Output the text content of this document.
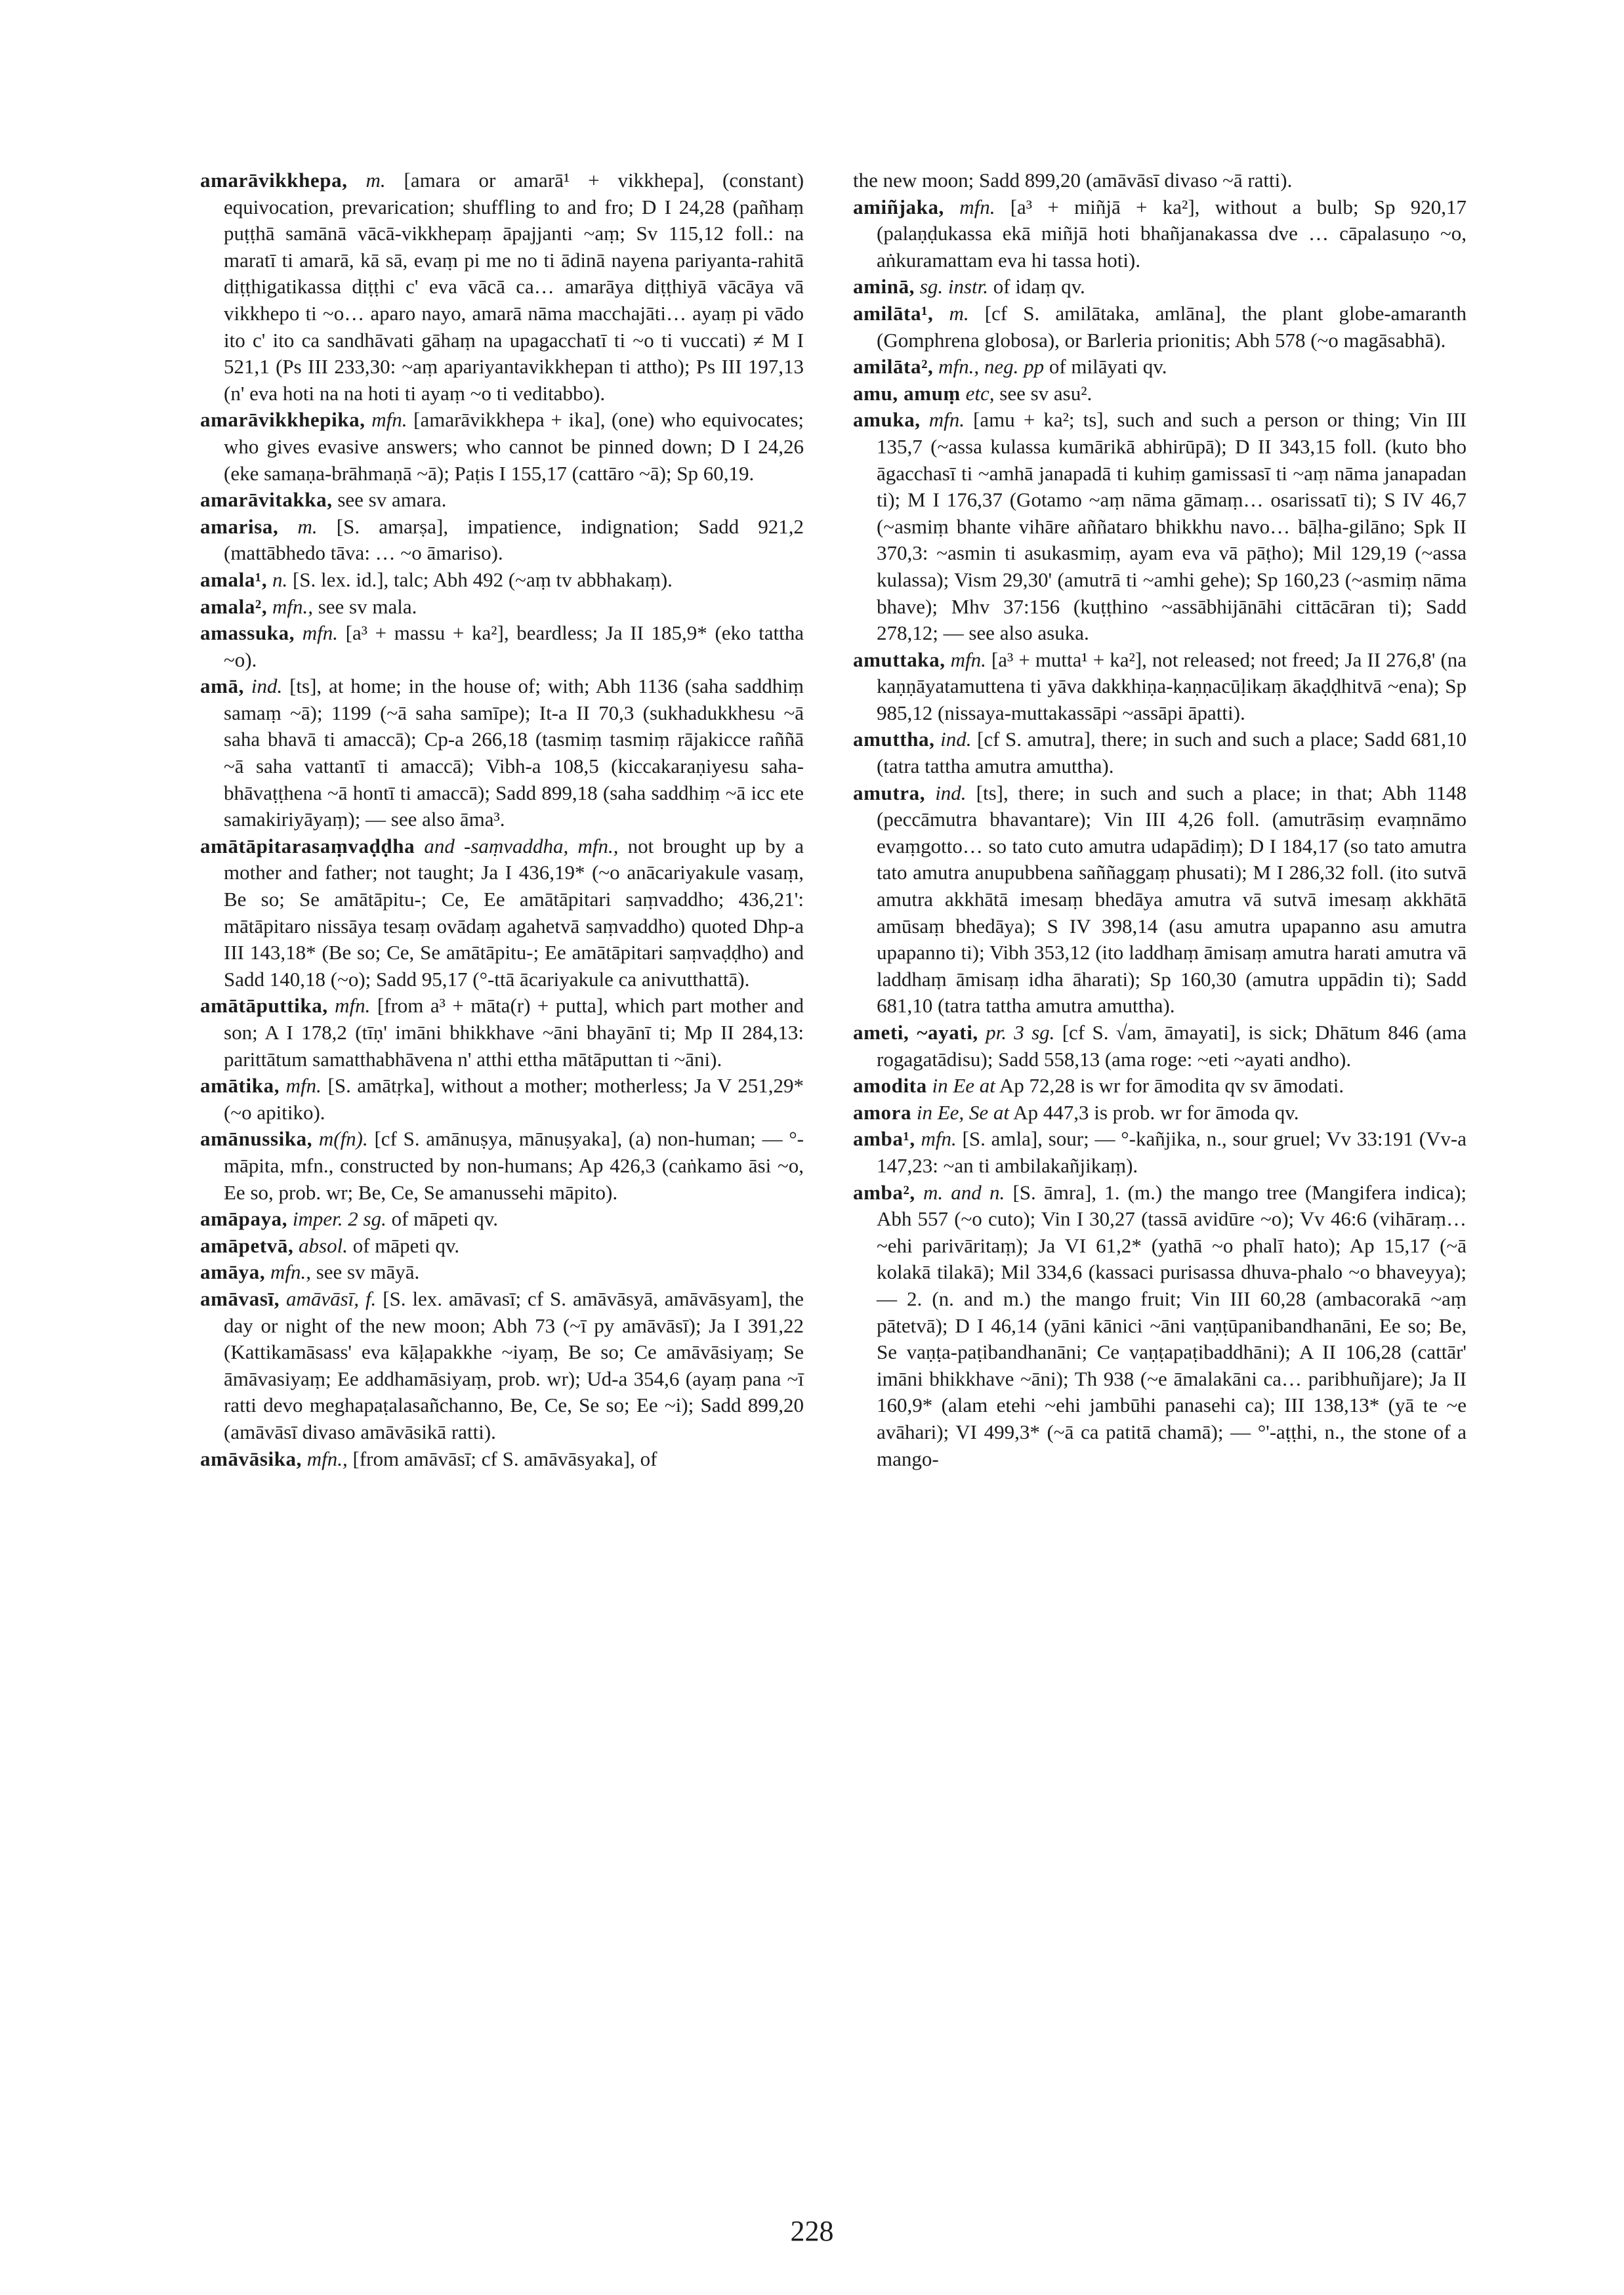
amarāvikkhepa, m. [amara or amarā¹ + vikkhepa], (constant) equivocation, prevarication; shuffling to and fro; D I 24,28 (pañhaṃ puṭṭhā samānā vācā-vikkhepaṃ āpajjanti ~aṃ; Sv 115,12 foll.: na maratī ti amarā, kā sā, evaṃ pi me no ti ādinā nayena pariyanta-rahitā diṭṭhigatikassa diṭṭhi c' eva vācā ca… amarāya diṭṭhiyā vācāya vā vikkhepo ti ~o… aparo nayo, amarā nāma macchajāti… ayaṃ pi vādo ito c' ito ca sandhāvati gāhaṃ na upagacchatī ti ~o ti vuccati) ≠ M I 521,1 (Ps III 233,30: ~aṃ apariyantavikkhepan ti attho); Ps III 197,13 (n' eva hoti na na hoti ti ayaṃ ~o ti veditabbo).

amarāvikkhepika, mfn. [amarāvikkhepa + ika], (one) who equivocates; who gives evasive answers; who cannot be pinned down; D I 24,26 (eke samaṇa-brāhmaṇā ~ā); Paṭis I 155,17 (cattāro ~ā); Sp 60,19.

amarāvitakka, see sv amara.

amarisa, m. [S. amarṣa], impatience, indignation; Sadd 921,2 (mattābhedo tāva: … ~o āmariso).

amala¹, n. [S. lex. id.], talc; Abh 492 (~aṃ tv abbhakaṃ).

amala², mfn., see sv mala.

amassuka, mfn. [a³ + massu + ka²], beardless; Ja II 185,9* (eko tattha ~o).

amā, ind. [ts], at home; in the house of; with; Abh 1136 (saha saddhiṃ samaṃ ~ā); 1199 (~ā saha samīpe); It-a II 70,3 (sukhadukkhesu ~ā saha bhavā ti amaccā); Cp-a 266,18 (tasmiṃ tasmiṃ rājakicce raññā ~ā saha vattantī ti amaccā); Vibh-a 108,5 (kiccakaraṇiyesu saha-bhāvaṭṭhena ~ā hontī ti amaccā); Sadd 899,18 (saha saddhiṃ ~ā icc ete samakiriyāyaṃ); — see also āma³.

amātāpitarasaṃvaḍḍha and -saṃvaddha, mfn., not brought up by a mother and father; not taught; Ja I 436,19* (~o anācariyakule vasaṃ, Be so; Se amātāpitu-; Ce, Ee amātāpitari saṃvaddho; 436,21': mātāpitaro nissāya tesaṃ ovādaṃ agahetvā saṃvaddho) quoted Dhp-a III 143,18* (Be so; Ce, Se amātāpitu-; Ee amātāpitari saṃvaḍḍho) and Sadd 140,18 (~o); Sadd 95,17 (°-ttā ācariyakule ca anivutthattā).

amātāputtika, mfn. [from a³ + māta(r) + putta], which part mother and son; A I 178,2 (tīṇ' imāni bhikkhave ~āni bhayānī ti; Mp II 284,13: parittātum samatthabhāvena n' atthi ettha mātāputtan ti ~āni).

amātika, mfn. [S. amātṛka], without a mother; motherless; Ja V 251,29* (~o apitiko).

amānussika, m(fn). [cf S. amānuṣya, mānuṣyaka], (a) non-human; — °-māpita, mfn., constructed by non-humans; Ap 426,3 (caṅkamo āsi ~o, Ee so, prob. wr; Be, Ce, Se amanussehi māpito).

amāpaya, imper. 2 sg. of māpeti qv.

amāpetvā, absol. of māpeti qv.

amāya, mfn., see sv māyā.

amāvasī, amāvāsī, f. [S. lex. amāvasī; cf S. amāvāsyā, amāvāsyam], the day or night of the new moon; Abh 73 (~ī py amāvāsī); Ja I 391,22 (Kattikamāsass' eva kāḷapakkhe ~iyaṃ, Be so; Ce amāvāsiyaṃ; Se āmāvasiyaṃ; Ee addhamāsiyaṃ, prob. wr); Ud-a 354,6 (ayaṃ pana ~ī ratti devo meghapaṭalasañchanno, Be, Ce, Se so; Ee ~i); Sadd 899,20 (amāvāsī divaso amāvāsikā ratti).

amāvāsika, mfn., [from amāvāsī; cf S. amāvāsyaka], of

the new moon; Sadd 899,20 (amāvāsī divaso ~ā ratti).

amiñjaka, mfn. [a³ + miñjā + ka²], without a bulb; Sp 920,17 (palaṇḍukassa ekā miñjā hoti bhañjanakassa dve … cāpalasuṇo ~o, aṅkuramattam eva hi tassa hoti).

aminā, sg. instr. of idaṃ qv.

amilāta¹, m. [cf S. amilātaka, amlāna], the plant globe-amaranth (Gomphrena globosa), or Barleria prionitis; Abh 578 (~o magāsabhā).

amilāta², mfn., neg. pp of milāyati qv.

amu, amuṃ etc, see sv asu².

amuka, mfn. [amu + ka²; ts], such and such a person or thing; Vin III 135,7 (~assa kulassa kumārikā abhirūpā); D II 343,15 foll. (kuto bho āgacchasī ti ~amhā janapadā ti kuhiṃ gamissasī ti ~aṃ nāma janapadan ti); M I 176,37 (Gotamo ~aṃ nāma gāmaṃ… osarissatī ti); S IV 46,7 (~asmiṃ bhante vihāre aññataro bhikkhu navo… bāḷha-gilāno; Spk II 370,3: ~asmin ti asukasmiṃ, ayam eva vā pāṭho); Mil 129,19 (~assa kulassa); Vism 29,30' (amutrā ti ~amhi gehe); Sp 160,23 (~asmiṃ nāma bhave); Mhv 37:156 (kuṭṭhino ~assābhijānāhi cittācāran ti); Sadd 278,12; — see also asuka.

amuttaka, mfn. [a³ + mutta¹ + ka²], not released; not freed; Ja II 276,8' (na kaṇṇāyatamuttena ti yāva dakkhiṇa-kaṇṇacūḷikaṃ ākaḍḍhitvā ~ena); Sp 985,12 (nissaya-muttakassāpi ~assāpi āpatti).

amuttha, ind. [cf S. amutra], there; in such and such a place; Sadd 681,10 (tatra tattha amutra amuttha).

amutra, ind. [ts], there; in such and such a place; in that; Abh 1148 (peccāmutra bhavantare); Vin III 4,26 foll. (amutrāsiṃ evaṃnāmo evaṃgotto… so tato cuto amutra udapādiṃ); D I 184,17 (so tato amutra tato amutra anupubbena saññaggaṃ phusati); M I 286,32 foll. (ito sutvā amutra akkhātā imesaṃ bhedāya amutra vā sutvā imesaṃ akkhātā amūsaṃ bhedāya); S IV 398,14 (asu amutra upapanno asu amutra upapanno ti); Vibh 353,12 (ito laddhaṃ āmisaṃ amutra harati amutra vā laddhaṃ āmisaṃ idha āharati); Sp 160,30 (amutra uppādin ti); Sadd 681,10 (tatra tattha amutra amuttha).

ameti, ~ayati, pr. 3 sg. [cf S. √am, āmayati], is sick; Dhātum 846 (ama rogagatādisu); Sadd 558,13 (ama roge: ~eti ~ayati andho).

amodita in Ee at Ap 72,28 is wr for āmodita qv sv āmodati.

amora in Ee, Se at Ap 447,3 is prob. wr for āmoda qv.

amba¹, mfn. [S. amla], sour; — °-kañjika, n., sour gruel; Vv 33:191 (Vv-a 147,23: ~an ti ambilakañjikaṃ).

amba², m. and n. [S. āmra], 1. (m.) the mango tree (Mangifera indica); Abh 557 (~o cuto); Vin I 30,27 (tassā avidūre ~o); Vv 46:6 (vihāraṃ… ~ehi parivāritaṃ); Ja VI 61,2* (yathā ~o phalī hato); Ap 15,17 (~ā kolakā tilakā); Mil 334,6 (kassaci purisassa dhuva-phalo ~o bhaveyya); — 2. (n. and m.) the mango fruit; Vin III 60,28 (ambacorakā ~aṃ pātetvā); D I 46,14 (yāni kānici ~āni vaṇṭūpanibandhanāni, Ee so; Be, Se vaṇṭa-paṭibandhanāni; Ce vaṇṭapaṭibaddhāni); A II 106,28 (cattār' imāni bhikkhave ~āni); Th 938 (~e āmalakāni ca… paribhuñjare); Ja II 160,9* (alam etehi ~ehi jambūhi panasehi ca); III 138,13* (yā te ~e avāhari); VI 499,3* (~ā ca patitā chamā); — °'-aṭṭhi, n., the stone of a mango-

228
